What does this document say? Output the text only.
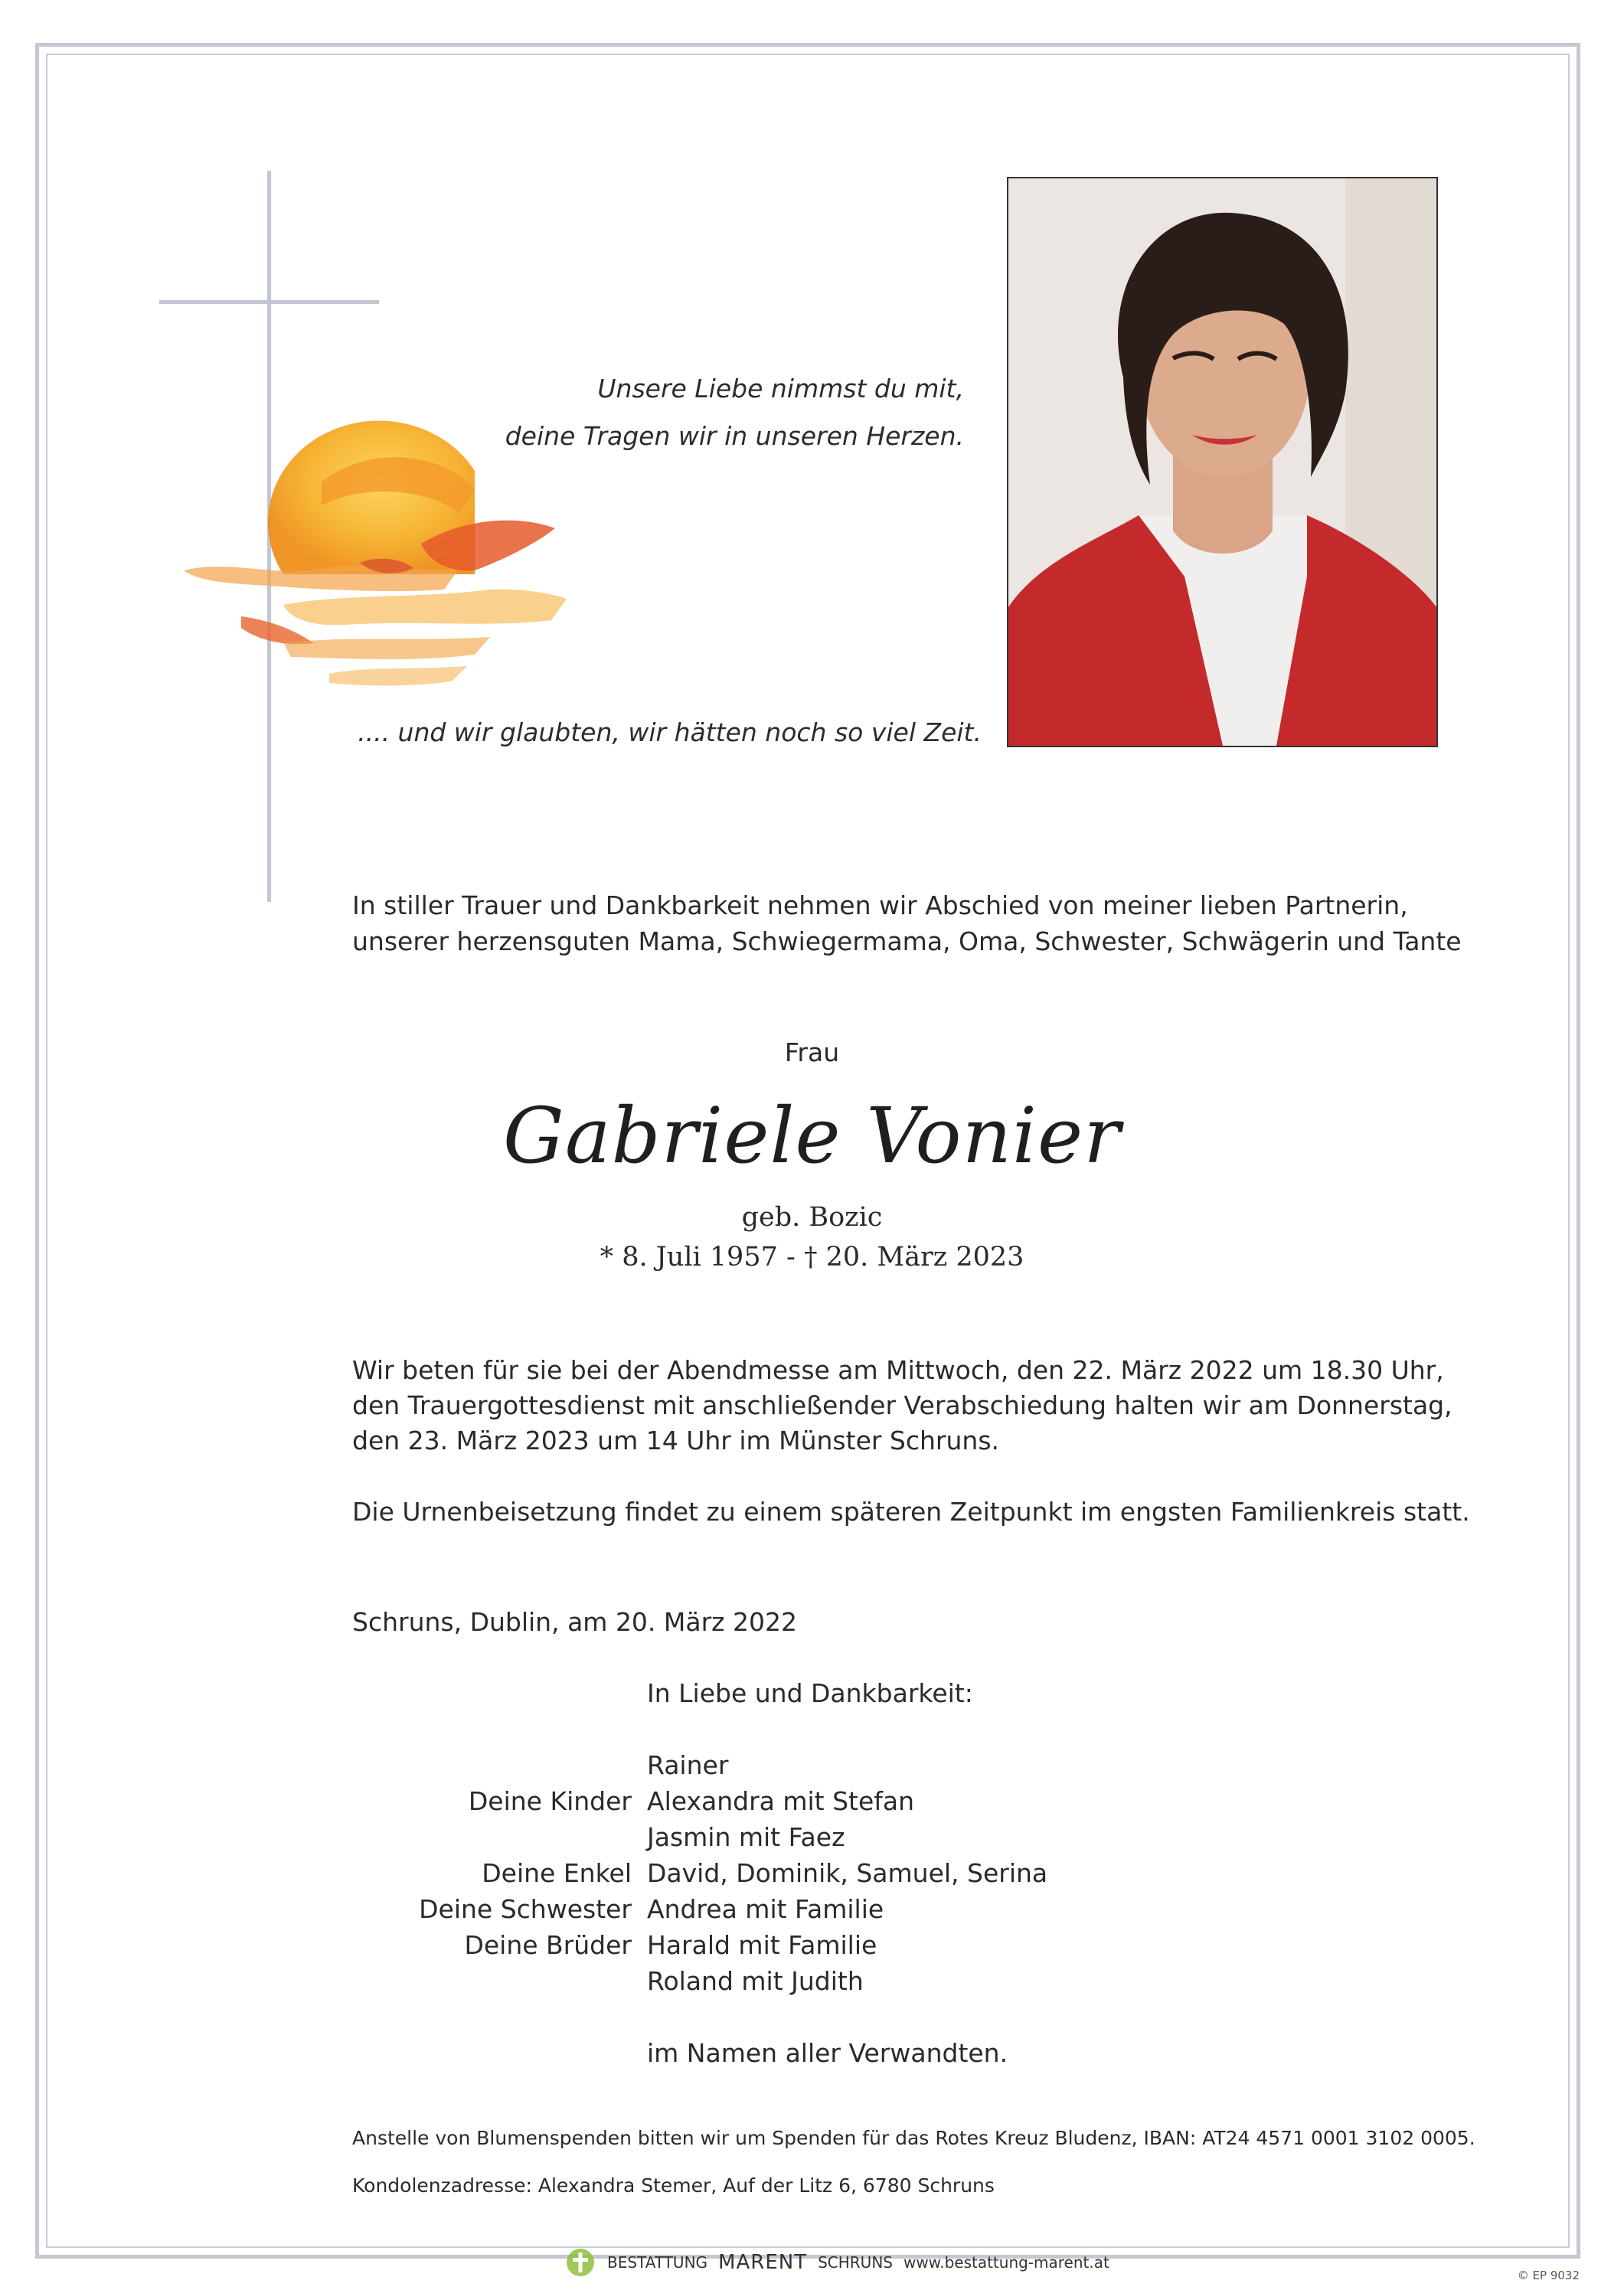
Unsere Liebe nimmst du mit,
deine Tragen wir in unseren Herzen.
.... und wir glaubten, wir hätten noch so viel Zeit.
In stiller Trauer und Dankbarkeit nehmen wir Abschied von meiner lieben Partnerin,
unserer herzensguten Mama, Schwiegermama, Oma, Schwester, Schwägerin und Tante
Frau
Gabriele Vonier
geb. Bozic
* 8. Juli 1957 - † 20. März 2023
Wir beten für sie bei der Abendmesse am Mittwoch, den 22. März 2022 um 18.30 Uhr,
den Trauergottesdienst mit anschließender Verabschiedung halten wir am Donnerstag,
den 23. März 2023 um 14 Uhr im Münster Schruns.
Die Urnenbeisetzung findet zu einem späteren Zeitpunkt im engsten Familienkreis statt.
Schruns, Dublin, am 20. März 2022
In Liebe und Dankbarkeit:
Rainer
Deine Kinder Alexandra mit Stefan
Jasmin mit Faez
Deine Enkel David, Dominik, Samuel, Serina
Deine Schwester Andrea mit Familie
Deine Brüder Harald mit Familie
Roland mit Judith
im Namen aller Verwandten.
Anstelle von Blumenspenden bitten wir um Spenden für das Rotes Kreuz Bludenz, IBAN: AT24 4571 0001 3102 0005.
Kondolenzadresse: Alexandra Stemer, Auf der Litz 6, 6780 Schruns
BESTATTUNG MARENT SCHRUNS www.bestattung-marent.at
© EP 9032
